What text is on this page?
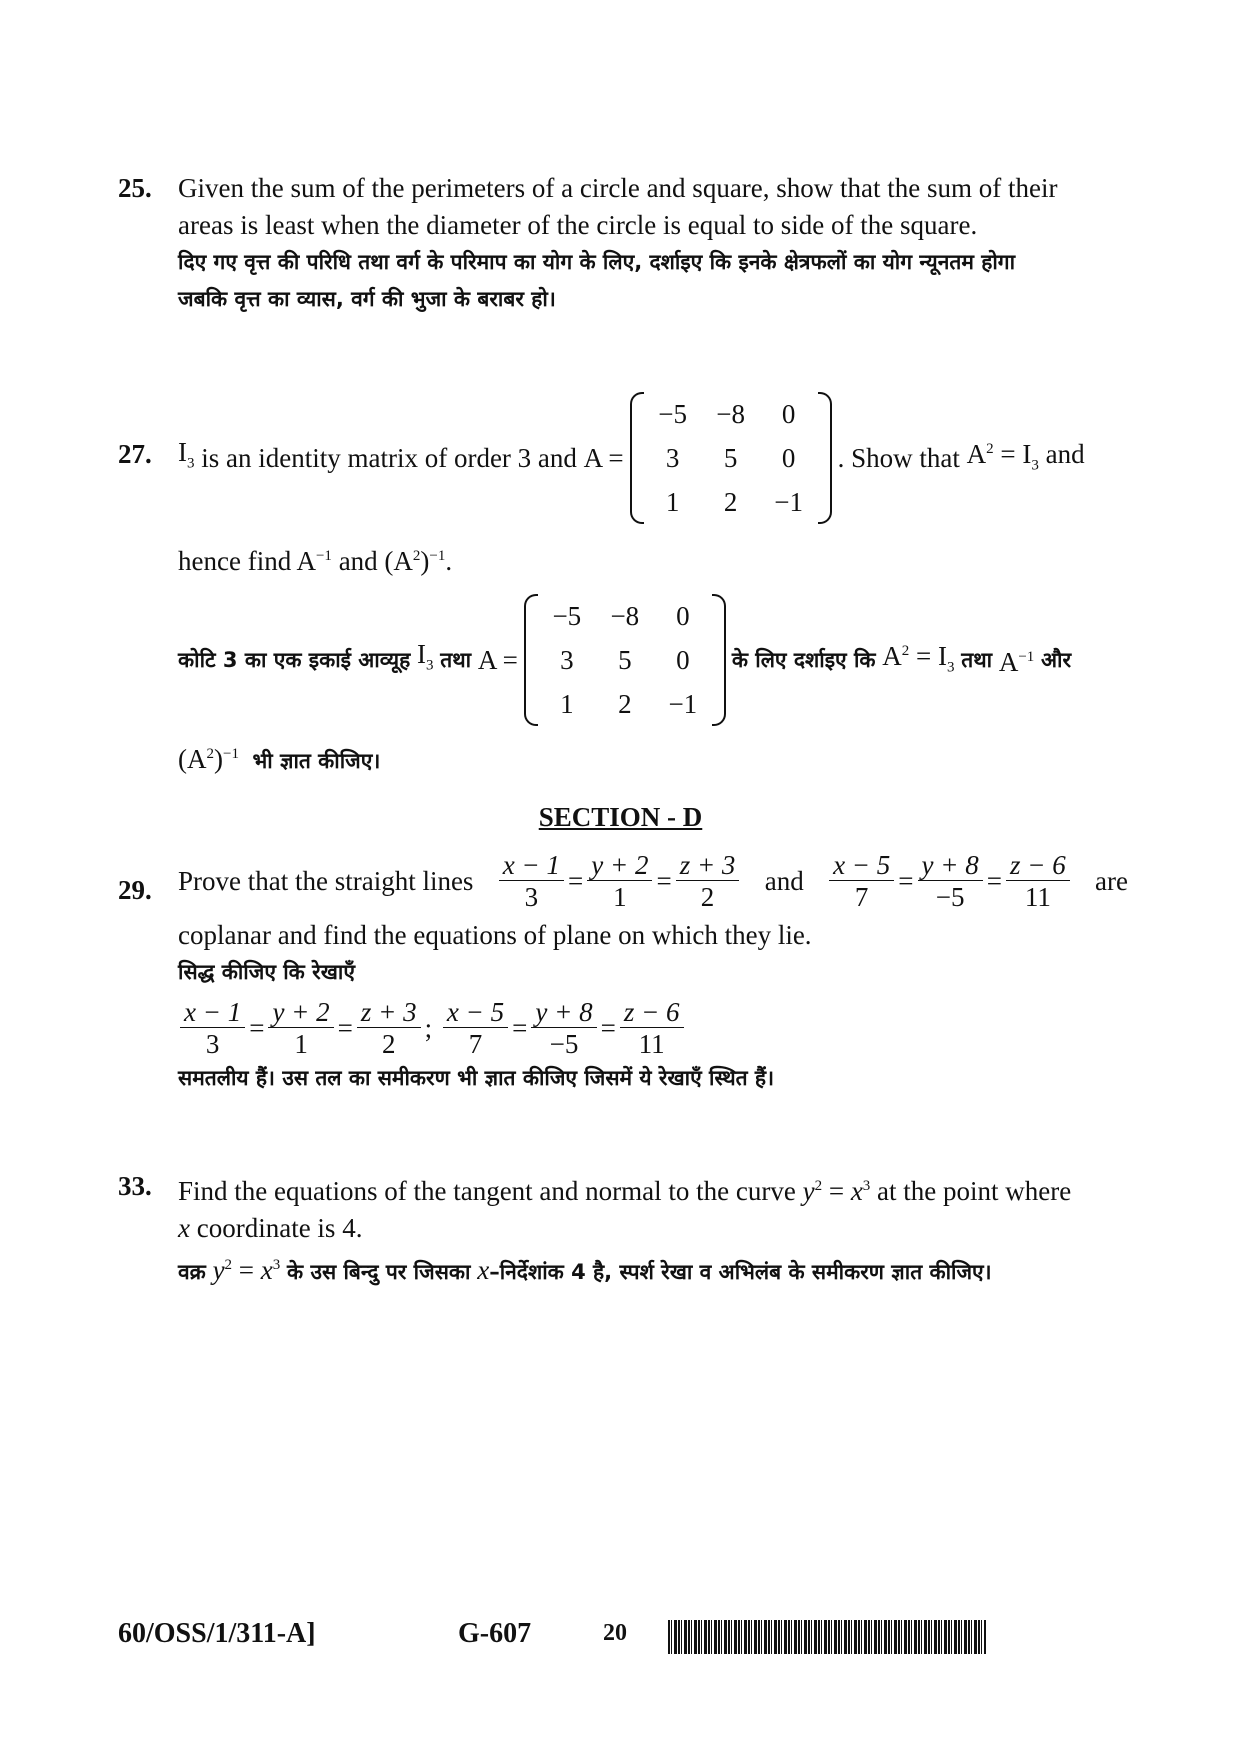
25. Given the sum of the perimeters of a circle and square, show that the sum of their
areas is least when the diameter of the circle is equal to side of the square.
दिए गए वृत्त की परिधि तथा वर्ग के परिमाप का योग के लिए, दर्शाइए कि इनके क्षेत्रफलों का योग न्यूनतम होगा
जबकि वृत्त का व्यास, वर्ग की भुजा के बराबर हो।
27. $I_3$ is an identity matrix of order 3 and A =
−5	−8	0
3	5	0
1	2	−1
. Show that $A^2 = I_3$ and
hence find $A^{-1}$ and $(A^2)^{-1}$.
कोटि 3 का एक इकाई आव्यूह $I_3$ तथा A =
−5	−8	0
3	5	0
1	2	−1
के लिए दर्शाइए कि $A^2 = I_3$ तथा $A^{-1}$ और
$(A^2)^{-1}$ भी ज्ञात कीजिए।
SECTION - D
29. Prove that the straight lines $\frac{x - 1}{3} = \frac{y + 2}{1} = \frac{z + 3}{2}$ and $\frac{x - 5}{7} = \frac{y + 8}{-5} = \frac{z - 6}{11}$ are
coplanar and find the equations of plane on which they lie.
सिद्ध कीजिए कि रेखाएँ
$\frac{x - 1}{3} = \frac{y + 2}{1} = \frac{z + 3}{2}$ ; $\frac{x - 5}{7} = \frac{y + 8}{-5} = \frac{z - 6}{11}$
समतलीय हैं। उस तल का समीकरण भी ज्ञात कीजिए जिसमें ये रेखाएँ स्थित हैं।
33. Find the equations of the tangent and normal to the curve $y^2 = x^3$ at the point where
x coordinate is 4.
वक्र $y^2 = x^3$ के उस बिन्दु पर जिसका x–निर्देशांक 4 है, स्पर्श रेखा व अभिलंब के समीकरण ज्ञात कीजिए।
60/OSS/1/311-A]	G-607	20
